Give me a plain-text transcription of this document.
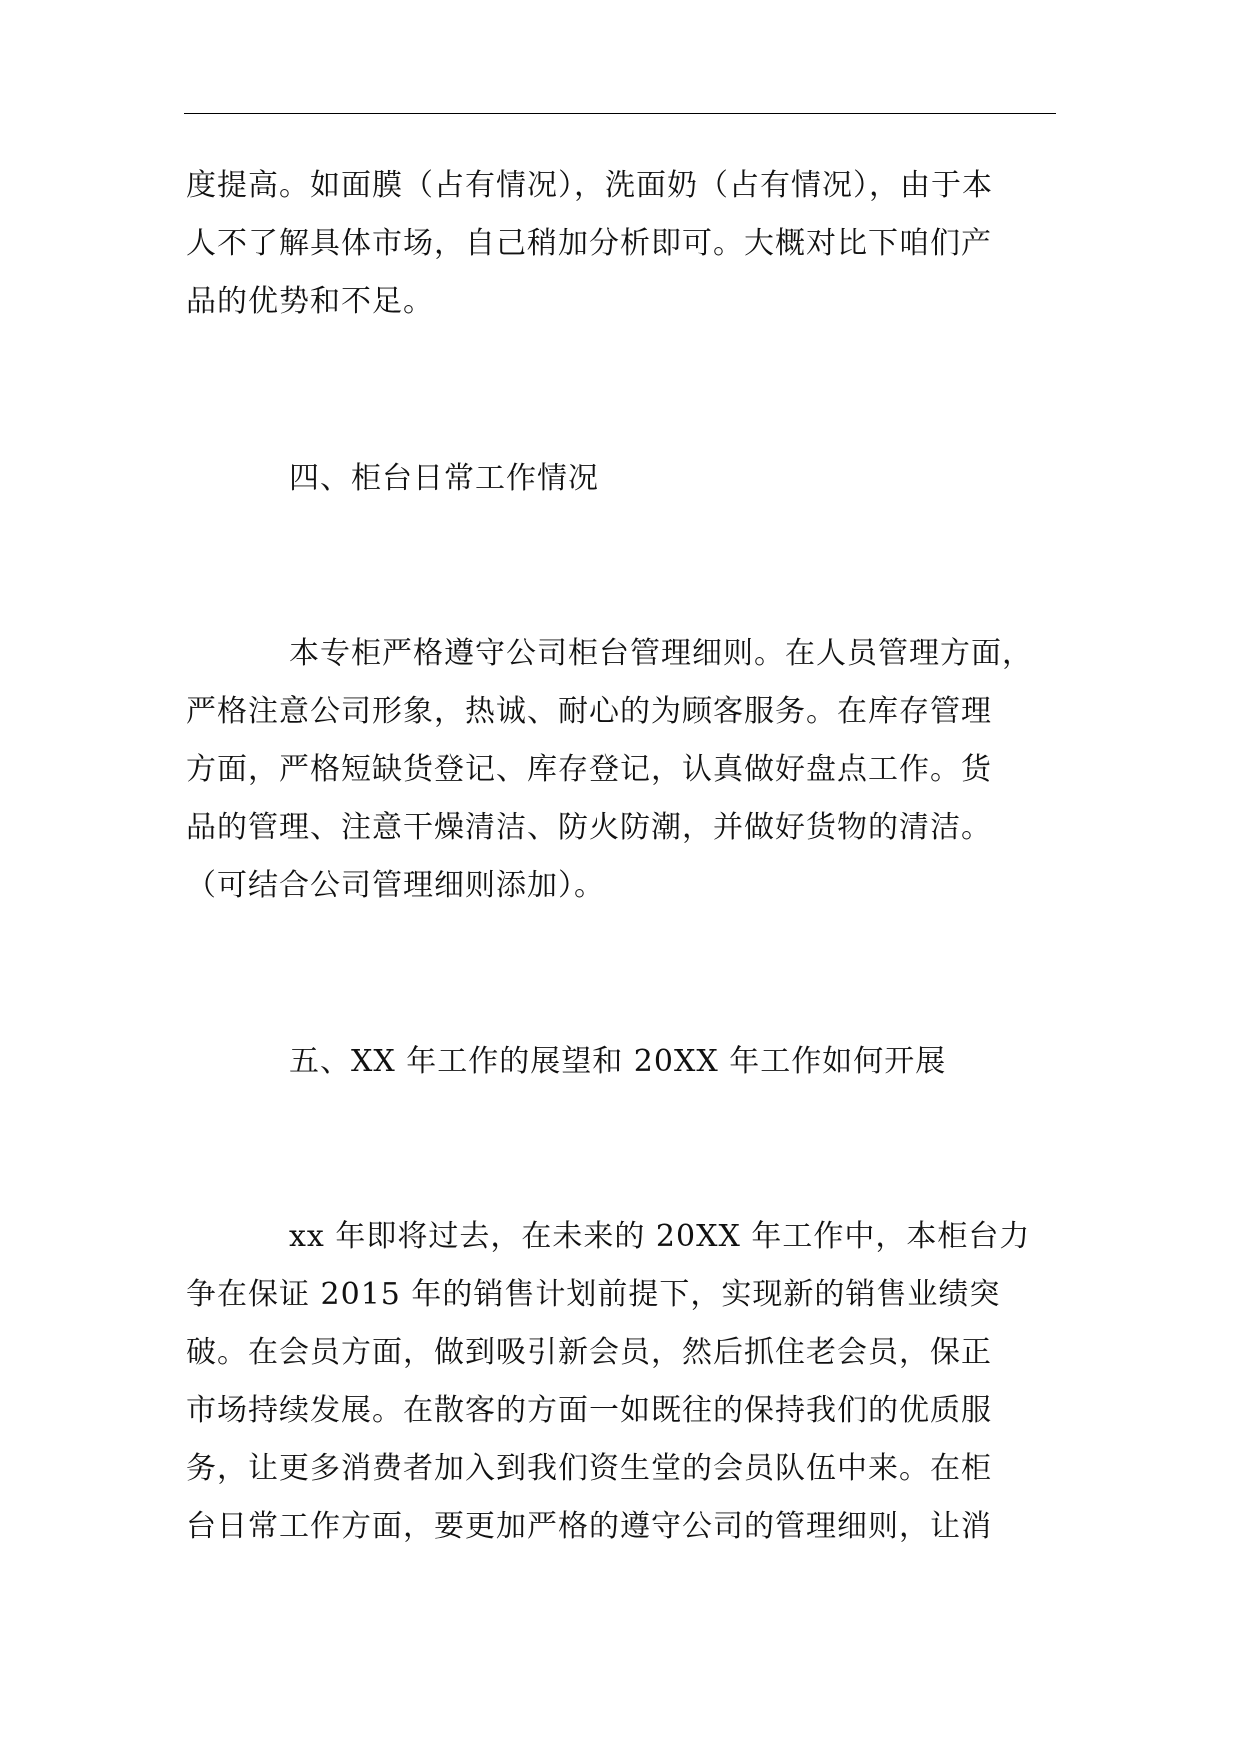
度提高。如面膜（占有情况），洗面奶（占有情况），由于本
人不了解具体市场，自己稍加分析即可。大概对比下咱们产
品的优势和不足。
四、柜台日常工作情况
本专柜严格遵守公司柜台管理细则。在人员管理方面，
严格注意公司形象，热诚、耐心的为顾客服务。在库存管理
方面，严格短缺货登记、库存登记，认真做好盘点工作。货
品的管理、注意干燥清洁、防火防潮，并做好货物的清洁。
（可结合公司管理细则添加）。
五、XX 年工作的展望和 20XX 年工作如何开展
xx 年即将过去，在未来的 20XX 年工作中，本柜台力
争在保证 2015 年的销售计划前提下，实现新的销售业绩突
破。在会员方面，做到吸引新会员，然后抓住老会员，保正
市场持续发展。在散客的方面一如既往的保持我们的优质服
务，让更多消费者加入到我们资生堂的会员队伍中来。在柜
台日常工作方面，要更加严格的遵守公司的管理细则，让消
